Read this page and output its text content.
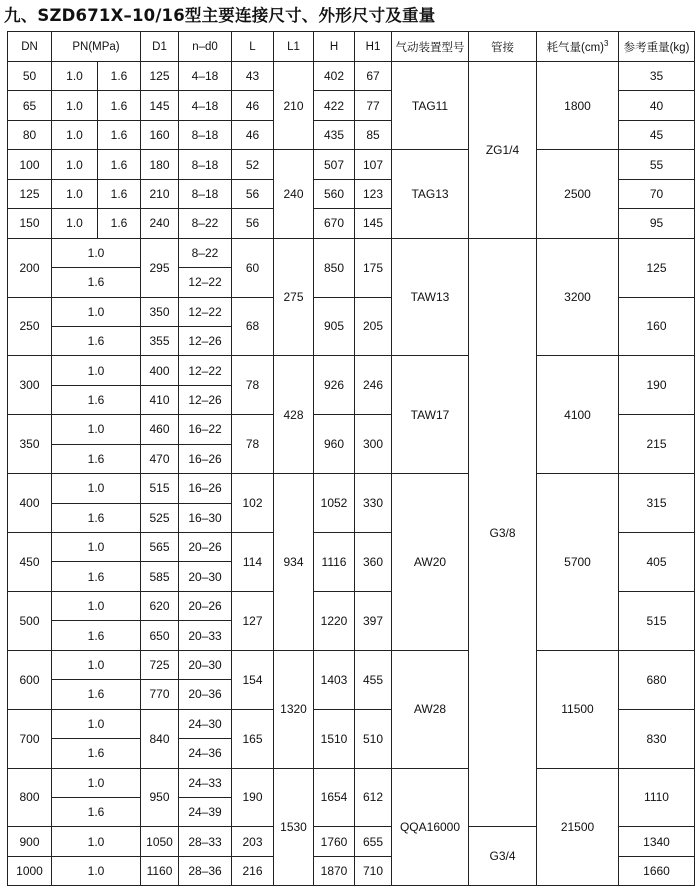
九、SZD671X–10/16型主要连接尺寸、外形尺寸及重量
DN	PN(MPa)		D1	n–d0	L	L1	H	H1	气动装置型号	管接	耗气量(cm)$^3$	参考重量(kg)
50	1.0	1.6	125	4–18	43	210	402	67	TAG11	ZG1/4	1800	35
65	1.0	1.6	145	4–18	46		422	77				40
80	1.0	1.6	160	8–18	46		435	85				45
100	1.0	1.6	180	8–18	52	240	507	107	TAG13		2500	55
125	1.0	1.6	210	8–18	56		560	123				70
150	1.0	1.6	240	8–22	56		670	145				95
200	1.0		295	8–22	60	275	850	175	TAW13	G3/8	3200	125
	1.6			12–22								
250	1.0		350	12–22	68		905	205				160
	1.6		355	12–26								
300	1.0		400	12–22	78	428	926	246	TAW17		4100	190
	1.6		410	12–26								
350	1.0		460	16–22	78		960	300				215
	1.6		470	16–26								
400	1.0		515	16–26	102	934	1052	330	AW20		5700	315
	1.6		525	16–30								
450	1.0		565	20–26	114		1116	360				405
	1.6		585	20–30								
500	1.0		620	20–26	127		1220	397				515
	1.6		650	20–33								
600	1.0		725	20–30	154	1320	1403	455	AW28		11500	680
	1.6		770	20–36								
700	1.0		840	24–30	165		1510	510				830
	1.6			24–36								
800	1.0		950	24–33	190	1530	1654	612	QQA16000		21500	1110
	1.6			24–39								
900	1.0		1050	28–33	203		1760	655		G3/4		1340
1000	1.0		1160	28–36	216		1870	710				1660
